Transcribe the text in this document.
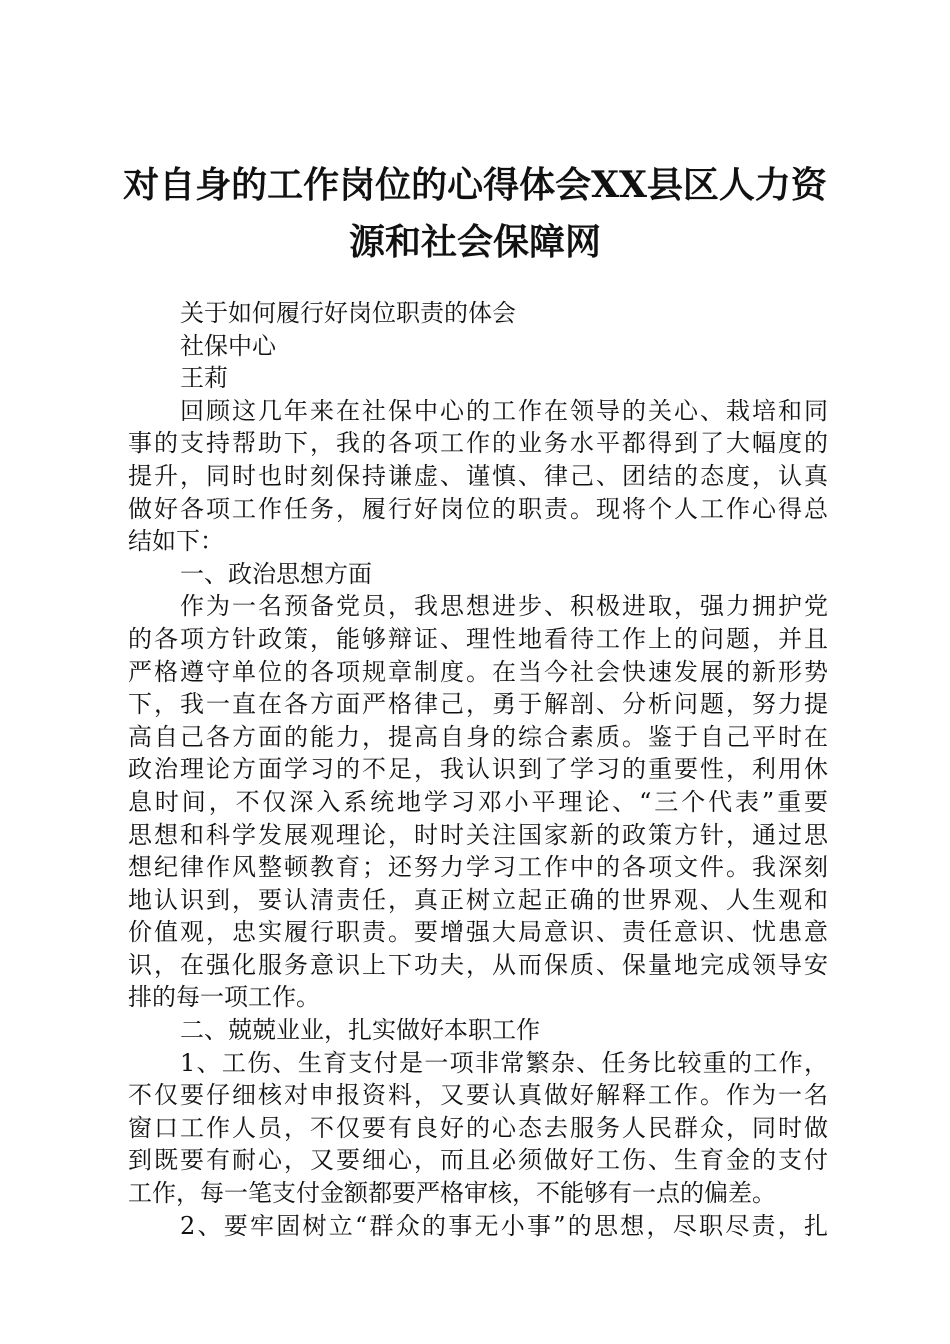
对自身的工作岗位的心得体会XX县区人力资
源和社会保障网
关于如何履行好岗位职责的体会
社保中心
王莉
回顾这几年来在社保中心的工作在领导的关心、栽培和同
事的支持帮助下，我的各项工作的业务水平都得到了大幅度的
提升，同时也时刻保持谦虚、谨慎、律己、团结的态度，认真
做好各项工作任务，履行好岗位的职责。现将个人工作心得总
结如下：
一、政治思想方面
作为一名预备党员，我思想进步、积极进取，强力拥护党
的各项方针政策，能够辩证、理性地看待工作上的问题，并且
严格遵守单位的各项规章制度。在当今社会快速发展的新形势
下，我一直在各方面严格律己，勇于解剖、分析问题，努力提
高自己各方面的能力，提高自身的综合素质。鉴于自己平时在
政治理论方面学习的不足，我认识到了学习的重要性，利用休
息时间，不仅深入系统地学习邓小平理论、“三个代表”重要
思想和科学发展观理论，时时关注国家新的政策方针，通过思
想纪律作风整顿教育；还努力学习工作中的各项文件。我深刻
地认识到，要认清责任，真正树立起正确的世界观、人生观和
价值观，忠实履行职责。要增强大局意识、责任意识、忧患意
识，在强化服务意识上下功夫，从而保质、保量地完成领导安
排的每一项工作。
二、兢兢业业，扎实做好本职工作
1、工伤、生育支付是一项非常繁杂、任务比较重的工作，
不仅要仔细核对申报资料，又要认真做好解释工作。作为一名
窗口工作人员，不仅要有良好的心态去服务人民群众，同时做
到既要有耐心，又要细心，而且必须做好工伤、生育金的支付
工作，每一笔支付金额都要严格审核，不能够有一点的偏差。
2、要牢固树立“群众的事无小事”的思想，尽职尽责，扎
